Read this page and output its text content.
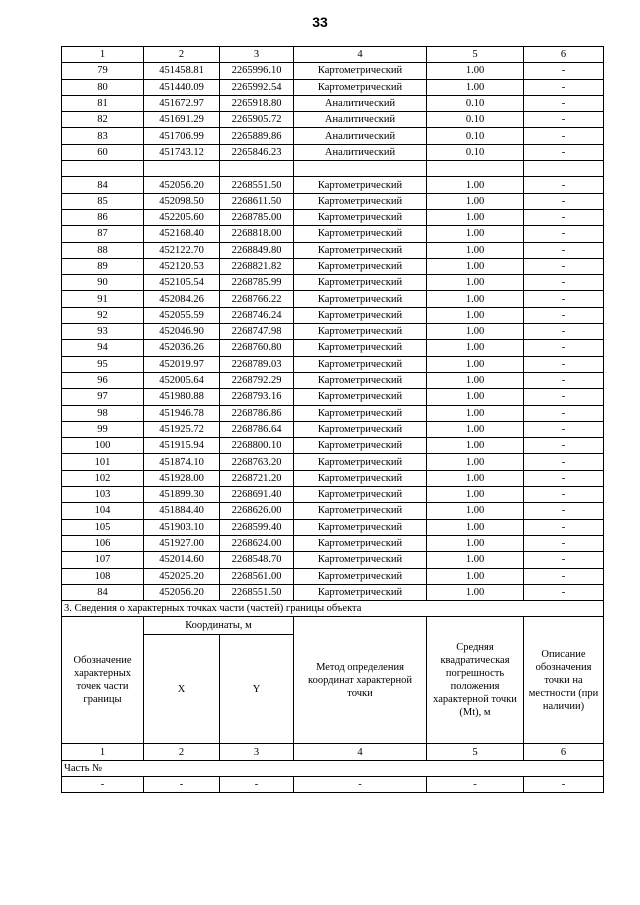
33
1	2	3	4	5	6
79	451458.81	2265996.10	Картометрический	1.00	-
80	451440.09	2265992.54	Картометрический	1.00	-
81	451672.97	2265918.80	Аналитический	0.10	-
82	451691.29	2265905.72	Аналитический	0.10	-
83	451706.99	2265889.86	Аналитический	0.10	-
60	451743.12	2265846.23	Аналитический	0.10	-

84	452056.20	2268551.50	Картометрический	1.00	-
85	452098.50	2268611.50	Картометрический	1.00	-
86	452205.60	2268785.00	Картометрический	1.00	-
87	452168.40	2268818.00	Картометрический	1.00	-
88	452122.70	2268849.80	Картометрический	1.00	-
89	452120.53	2268821.82	Картометрический	1.00	-
90	452105.54	2268785.99	Картометрический	1.00	-
91	452084.26	2268766.22	Картометрический	1.00	-
92	452055.59	2268746.24	Картометрический	1.00	-
93	452046.90	2268747.98	Картометрический	1.00	-
94	452036.26	2268760.80	Картометрический	1.00	-
95	452019.97	2268789.03	Картометрический	1.00	-
96	452005.64	2268792.29	Картометрический	1.00	-
97	451980.88	2268793.16	Картометрический	1.00	-
98	451946.78	2268786.86	Картометрический	1.00	-
99	451925.72	2268786.64	Картометрический	1.00	-
100	451915.94	2268800.10	Картометрический	1.00	-
101	451874.10	2268763.20	Картометрический	1.00	-
102	451928.00	2268721.20	Картометрический	1.00	-
103	451899.30	2268691.40	Картометрический	1.00	-
104	451884.40	2268626.00	Картометрический	1.00	-
105	451903.10	2268599.40	Картометрический	1.00	-
106	451927.00	2268624.00	Картометрический	1.00	-
107	452014.60	2268548.70	Картометрический	1.00	-
108	452025.20	2268561.00	Картометрический	1.00	-
84	452056.20	2268551.50	Картометрический	1.00	-
3. Сведения о характерных точках части (частей) границы объекта					
Обозначение характерных точек части границы	Координаты, м		Метод определения координат характерной точки	Средняя квадратическая погрешность положения характерной точки (Mt), м	Описание обозначения точки на местности (при наличии)
	X	Y			
1	2	3	4	5	6
Часть №					
-	-	-	-	-	-
